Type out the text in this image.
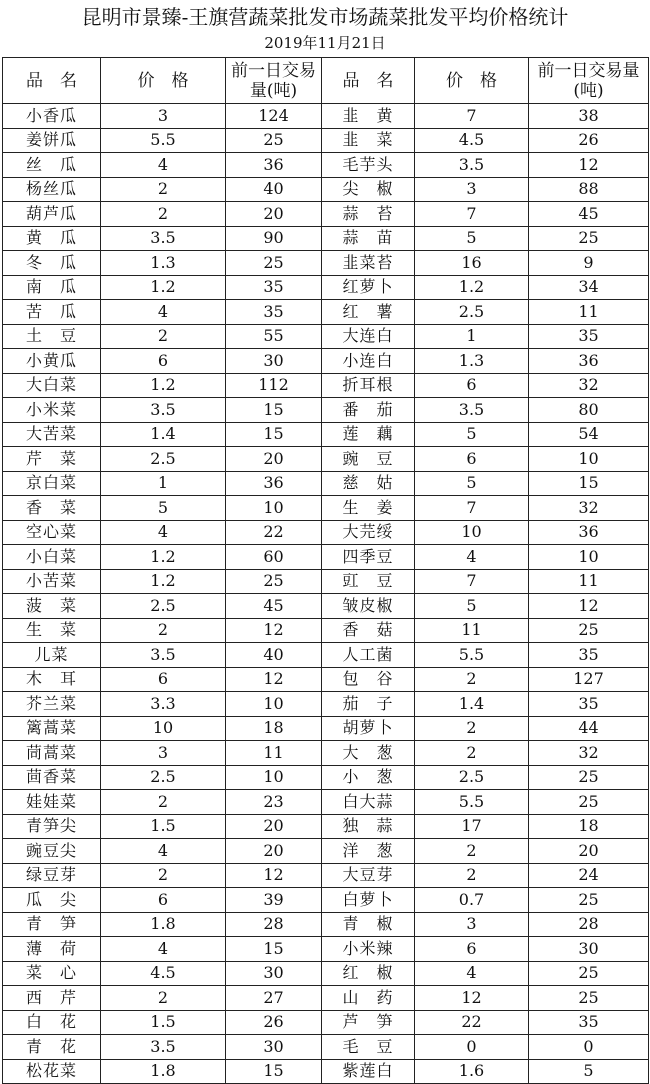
昆明市景臻-王旗营蔬菜批发市场蔬菜批发平均价格统计
2019年11月21日
品　名	价　格	前一日交易量(吨)	品　名	价　格	前一日交易量(吨)
小香瓜	3	124	韭　黄	7	38
姜饼瓜	5.5	25	韭　菜	4.5	26
丝　瓜	4	36	毛芋头	3.5	12
杨丝瓜	2	40	尖　椒	3	88
葫芦瓜	2	20	蒜　苔	7	45
黄　瓜	3.5	90	蒜　苗	5	25
冬　瓜	1.3	25	韭菜苔	16	9
南　瓜	1.2	35	红萝卜	1.2	34
苦　瓜	4	35	红　薯	2.5	11
土　豆	2	55	大连白	1	35
小黄瓜	6	30	小连白	1.3	36
大白菜	1.2	112	折耳根	6	32
小米菜	3.5	15	番　茄	3.5	80
大苦菜	1.4	15	莲　藕	5	54
芹　菜	2.5	20	豌　豆	6	10
京白菜	1	36	慈　姑	5	15
香　菜	5	10	生　姜	7	32
空心菜	4	22	大芫绥	10	36
小白菜	1.2	60	四季豆	4	10
小苦菜	1.2	25	豇　豆	7	11
菠　菜	2.5	45	皱皮椒	5	12
生　菜	2	12	香　菇	11	25
儿菜	3.5	40	人工菌	5.5	35
木　耳	6	12	包　谷	2	127
芥兰菜	3.3	10	茄　子	1.4	35
篱蒿菜	10	18	胡萝卜	2	44
茼蒿菜	3	11	大　葱	2	32
茴香菜	2.5	10	小　葱	2.5	25
娃娃菜	2	23	白大蒜	5.5	25
青笋尖	1.5	20	独　蒜	17	18
豌豆尖	4	20	洋　葱	2	20
绿豆芽	2	12	大豆芽	2	24
瓜　尖	6	39	白萝卜	0.7	25
青　笋	1.8	28	青　椒	3	28
薄　荷	4	15	小米辣	6	30
菜　心	4.5	30	红　椒	4	25
西　芹	2	27	山　药	12	25
白　花	1.5	26	芦　笋	22	35
青　花	3.5	30	毛　豆	0	0
松花菜	1.8	15	紫莲白	1.6	5
